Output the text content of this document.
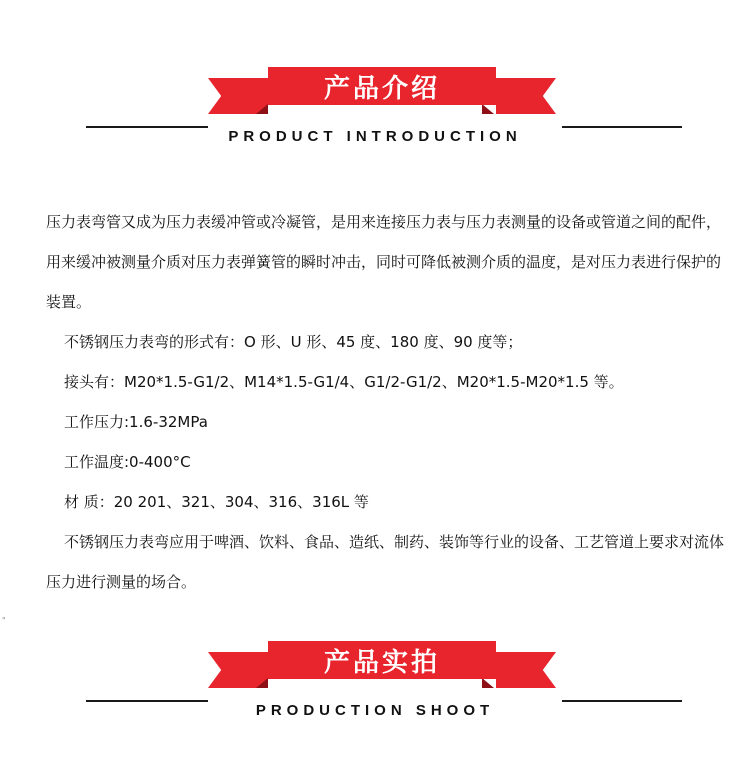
产品介绍
PRODUCT INTRODUCTION

压力表弯管又成为压力表缓冲管或冷凝管，是用来连接压力表与压力表测量的设备或管道之间的配件，用来缓冲被测量介质对压力表弹簧管的瞬时冲击，同时可降低被测介质的温度，是对压力表进行保护的装置。

不锈钢压力表弯的形式有：O 形、U 形、45 度、180 度、90 度等；

接头有：M20*1.5-G1/2、M14*1.5-G1/4、G1/2-G1/2、M20*1.5-M20*1.5 等。

工作压力:1.6-32MPa

工作温度:0-400°C

材 质：20 201、321、304、316、316L 等

不锈钢压力表弯应用于啤酒、饮料、食品、造纸、制药、装饰等行业的设备、工艺管道上要求对流体压力进行测量的场合。

"
产品实拍
PRODUCTION SHOOT
